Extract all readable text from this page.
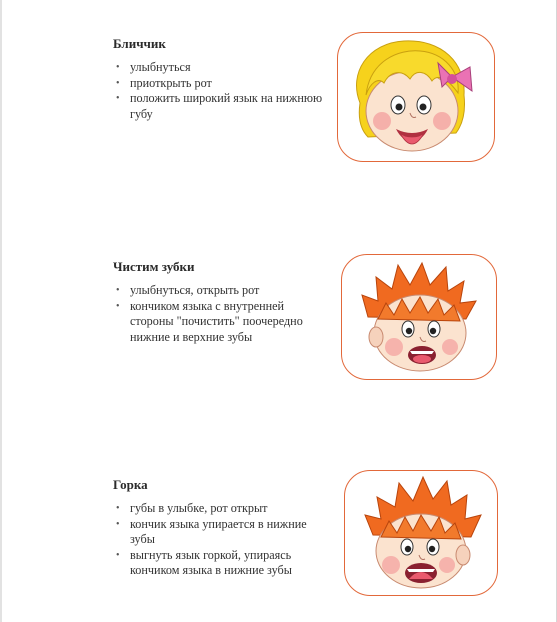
Бличчик
• улыбнуться
• приоткрыть рот
• положить широкий язык на нижнюю губу
Чистим зубки
• улыбнуться, открыть рот
• кончиком языка с внутренней стороны "почистить" поочередно нижние и верхние зубы
Горка
• губы в улыбке, рот открыт
• кончик языка упирается в нижние зубы
• выгнуть язык горкой, упираясь кончиком языка в нижние зубы
